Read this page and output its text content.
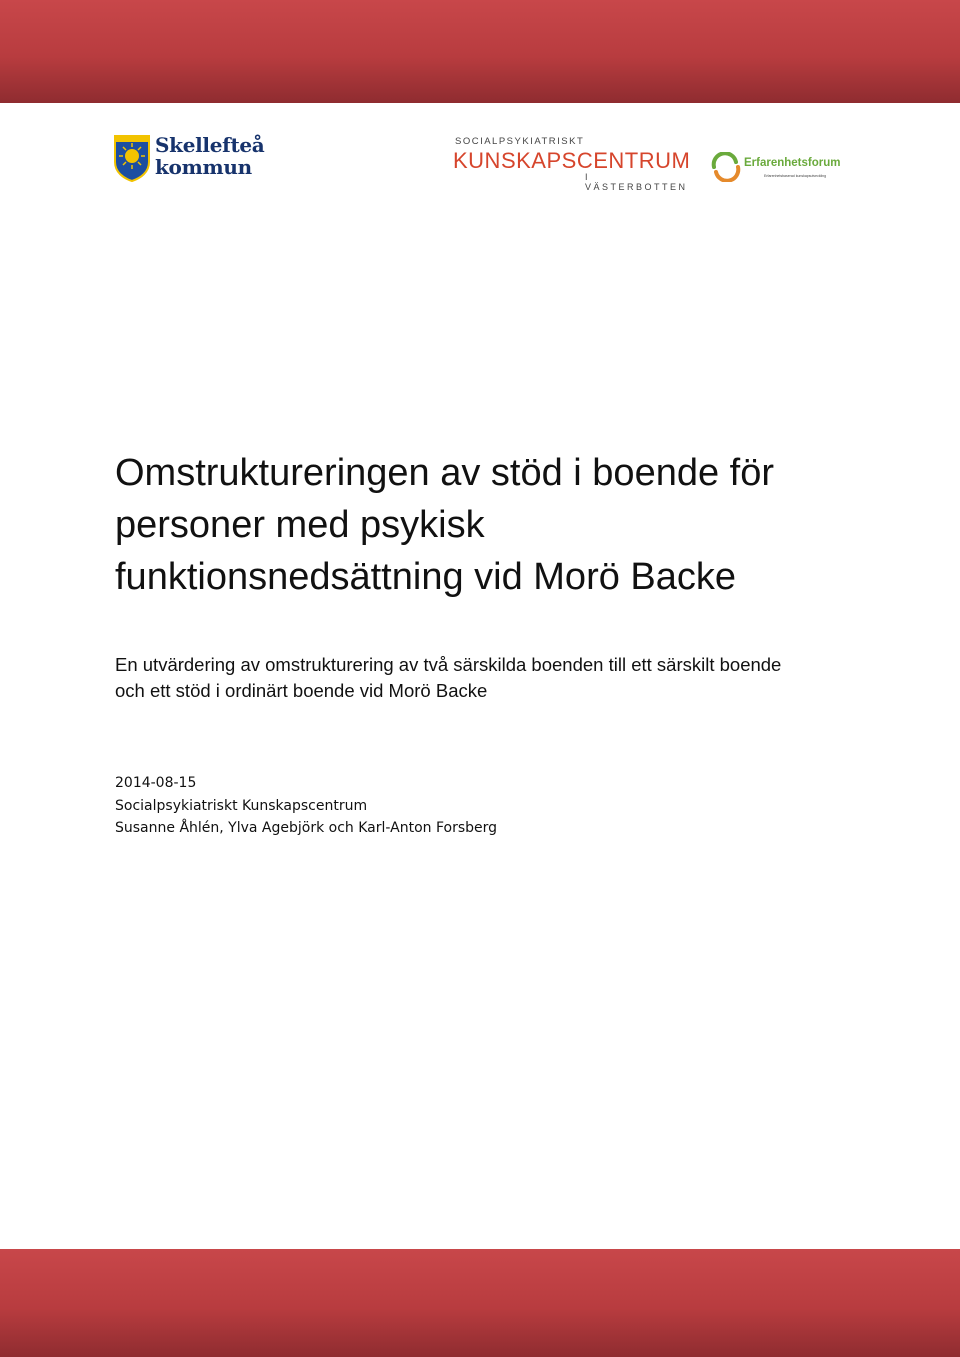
Skellefteå
kommun
SOCIALPSYKIATRISKT
KUNSKAPSCENTRUM
I VÄSTERBOTTEN
Erfarenhetsforum
Erfarenhetsbaserad kunskapsutveckling
Omstruktureringen av stöd i boende för personer med psykisk funktionsnedsättning vid Morö Backe

En utvärdering av omstrukturering av två särskilda boenden till ett särskilt boende och ett stöd i ordinärt boende vid Morö Backe

2014-08-15
Socialpsykiatriskt Kunskapscentrum
Susanne Åhlén, Ylva Agebjörk och Karl-Anton Forsberg
